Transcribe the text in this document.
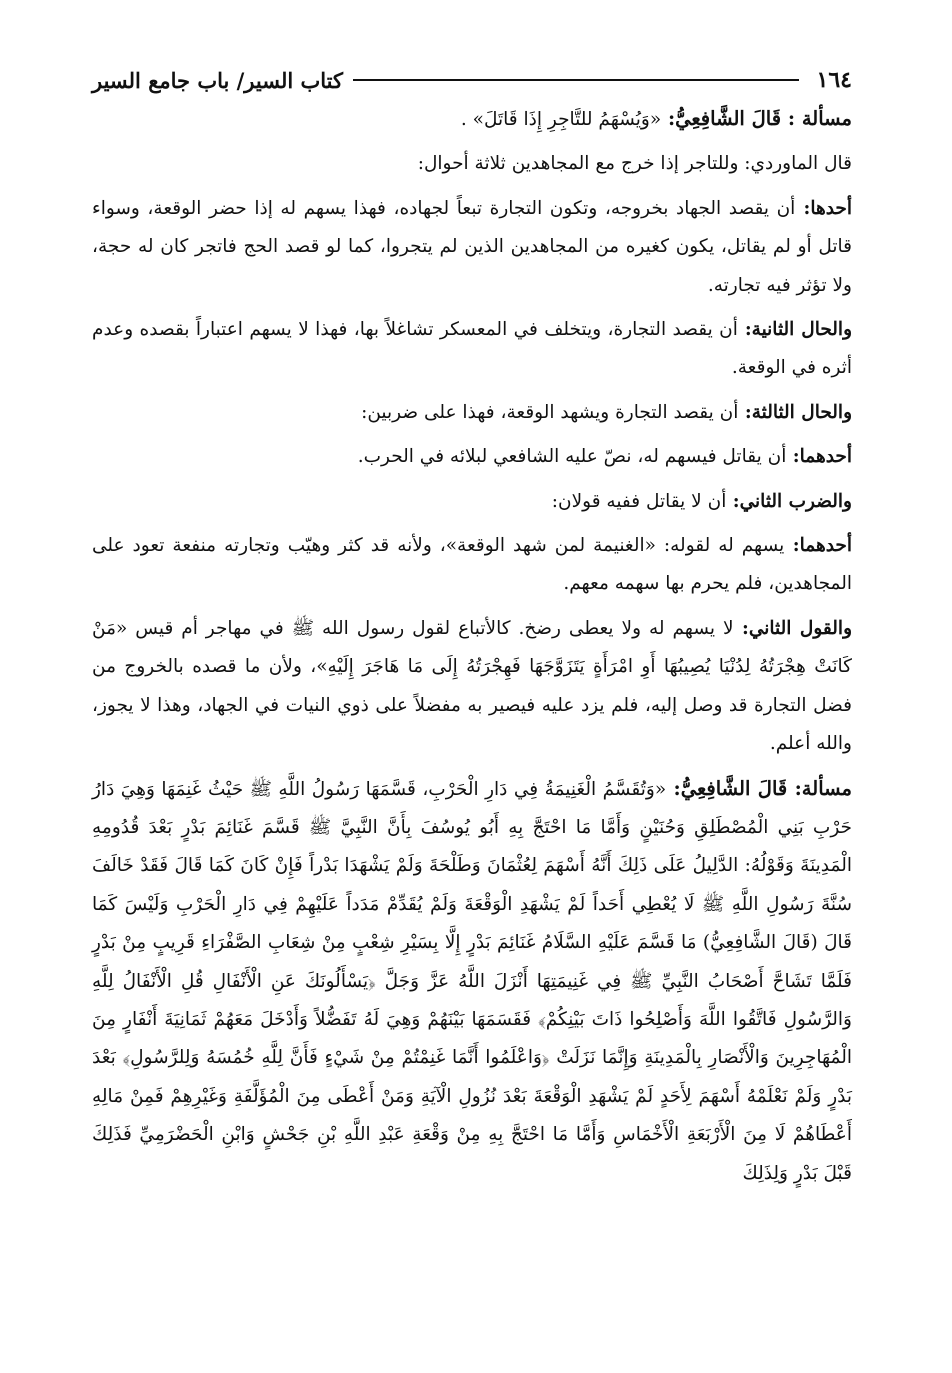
١٦٤
كتاب السير/ باب جامع السير

مسألة : قَالَ الشَّافِعِيُّ: «وَيُسْهَمُ للتَّاجِرِ إِذَا قَاتَلَ» .

قال الماوردي: وللتاجر إذا خرج مع المجاهدين ثلاثة أحوال:

أحدها: أن يقصد الجهاد بخروجه، وتكون التجارة تبعاً لجهاده، فهذا يسهم له إذا حضر الوقعة، وسواء قاتل أو لم يقاتل، يكون كغيره من المجاهدين الذين لم يتجروا، كما لو قصد الحج فاتجر كان له حجة، ولا تؤثر فيه تجارته.

والحال الثانية: أن يقصد التجارة، ويتخلف في المعسكر تشاغلاً بها، فهذا لا يسهم اعتباراً بقصده وعدم أثره في الوقعة.

والحال الثالثة: أن يقصد التجارة ويشهد الوقعة، فهذا على ضربين:

أحدهما: أن يقاتل فيسهم له، نصّ عليه الشافعي لبلائه في الحرب.

والضرب الثاني: أن لا يقاتل ففيه قولان:

أحدهما: يسهم له لقوله: «الغنيمة لمن شهد الوقعة»، ولأنه قد كثر وهيّب وتجارته منفعة تعود على المجاهدين، فلم يحرم بها سهمه معهم.

والقول الثاني: لا يسهم له ولا يعطى رضخ. كالأتباع لقول رسول الله ﷺ في مهاجر أم قيس «مَنْ كَانَتْ هِجْرَتُهُ لِدُنْيَا يُصِيبُهَا أَوِ امْرَأَةٍ يَتَزَوَّجَهَا فَهِجْرَتُهُ إِلَى مَا هَاجَرَ إِلَيْهِ»، ولأن ما قصده بالخروج من فضل التجارة قد وصل إليه، فلم يزد عليه فيصير به مفضلاً على ذوي النيات في الجهاد، وهذا لا يجوز، والله أعلم.

مسألة: قَالَ الشَّافِعِيُّ: «وَتُقَسَّمُ الْغَنِيمَةُ فِي دَارِ الْحَرْبِ، قَسَّمَهَا رَسُولُ اللَّهِ ﷺ حَيْثُ غَنِمَهَا وَهِيَ دَارُ حَرْبِ بَنِي الْمُصْطَلِقِ وَحُنَيْنٍ وَأَمَّا مَا احْتَجَّ بِهِ أَبُو يُوسُفَ بِأَنَّ النَّبِيَّ ﷺ قَسَّمَ غَنَائِمَ بَدْرٍ بَعْدَ قُدُومِهِ الْمَدِينَةَ وَقَوْلُهُ: الدَّلِيلُ عَلَى ذَلِكَ أَنَّهُ أَسْهَمَ لِعُثْمَانَ وَطَلْحَةَ وَلَمْ يَشْهَدَا بَدْراً فَإِنْ كَانَ كَمَا قَالَ فَقَدْ خَالَفَ سُنَّةَ رَسُولِ اللَّهِ ﷺ لَا يُعْطِي أَحَداً لَمْ يَشْهَدِ الْوَقْعَةَ وَلَمْ يُقَدِّمْ مَدَداً عَلَيْهِمْ فِي دَارِ الْحَرْبِ وَلَيْسَ كَمَا قَالَ (قَالَ الشَّافِعِيُّ) مَا قَسَّمَ عَلَيْهِ السَّلَامُ غَنَائِمَ بَدْرٍ إِلَّا بِسَيْرِ شِعْبٍ مِنْ شِعَابِ الصَّفْرَاءِ قَرِيبٍ مِنْ بَدْرٍ فَلَمَّا تَشَاحَّ أَصْحَابُ النَّبِيِّ ﷺ فِي غَنِيمَتِهَا أَنْزَلَ اللَّهُ عَزَّ وَجَلَّ ﴿يَسْأَلُونَكَ عَنِ الْأَنْفَالِ قُلِ الْأَنْفَالُ لِلَّهِ وَالرَّسُولِ فَاتَّقُوا اللَّهَ وَأَصْلِحُوا ذَاتَ بَيْنِكُمْ﴾ فَقَسَمَهَا بَيْنَهُمْ وَهِيَ لَهُ تَفَضُّلاً وَأَدْخَلَ مَعَهُمْ ثَمَانِيَةَ أَنْفَارٍ مِنَ الْمُهَاجِرِينَ وَالْأَنْصَارِ بِالْمَدِينَةِ وَإِنَّمَا نَزَلَتْ ﴿وَاعْلَمُوا أَنَّمَا غَنِمْتُمْ مِنْ شَيْءٍ فَأَنَّ لِلَّهِ خُمُسَهُ وَلِلرَّسُولِ﴾ بَعْدَ بَدْرٍ وَلَمْ نَعْلَمْهُ أَسْهَمَ لِأَحَدٍ لَمْ يَشْهَدِ الْوَقْعَةَ بَعْدَ نُزُولِ الْآيَةِ وَمَنْ أَعْطَى مِنَ الْمُؤَلَّفَةِ وَغَيْرِهِمْ فَمِنْ مَالِهِ أَعْطَاهُمْ لَا مِنَ الْأَرْبَعَةِ الْأَخْمَاسِ وَأَمَّا مَا احْتَجَّ بِهِ مِنْ وَقْعَةِ عَبْدِ اللَّهِ بْنِ جَحْشٍ وَابْنِ الْحَضْرَمِيِّ فَذَلِكَ قَبْلَ بَدْرٍ وَلِذَلِكَ
